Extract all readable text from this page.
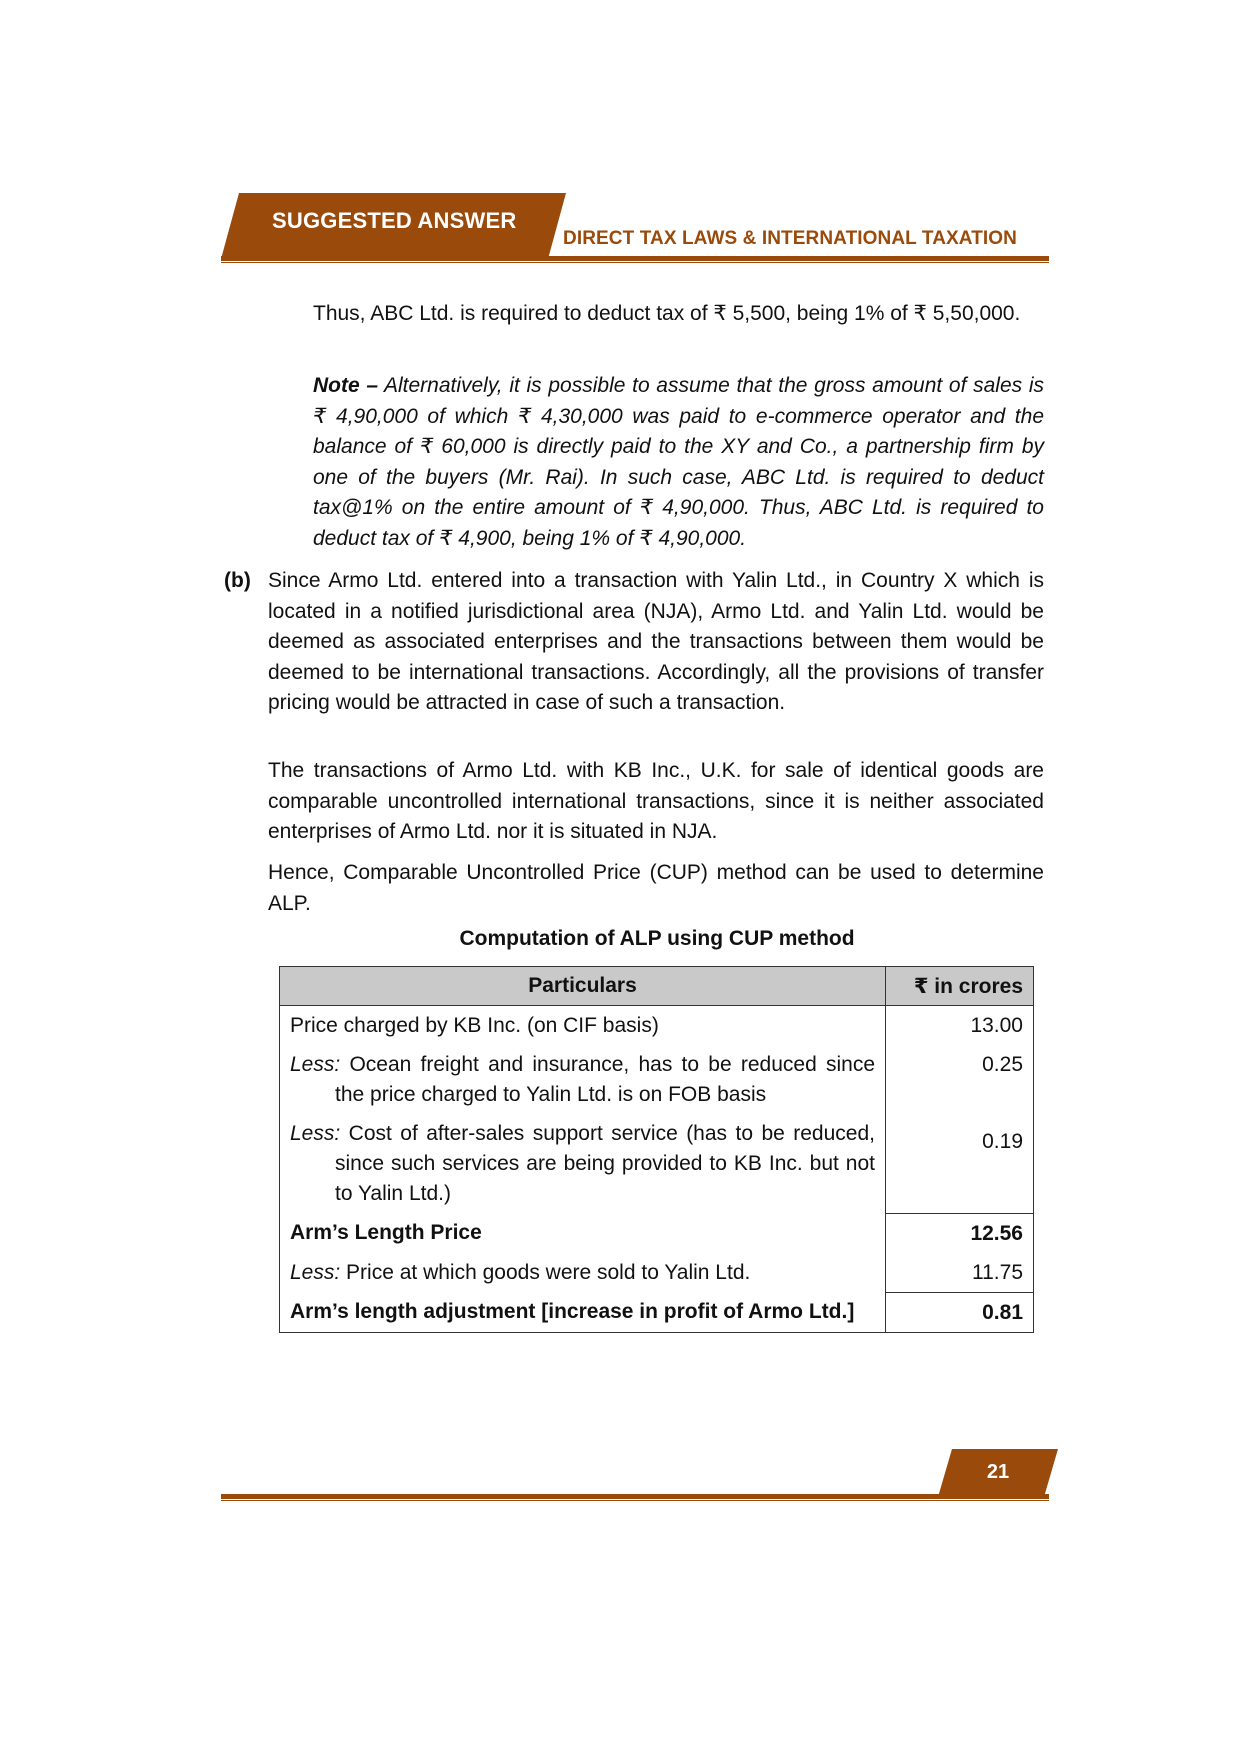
SUGGESTED ANSWER
DIRECT TAX LAWS & INTERNATIONAL TAXATION
Thus, ABC Ltd. is required to deduct tax of ₹ 5,500, being 1% of ₹ 5,50,000.
Note – Alternatively, it is possible to assume that the gross amount of sales is ₹ 4,90,000 of which ₹ 4,30,000 was paid to e-commerce operator and the balance of ₹ 60,000 is directly paid to the XY and Co., a partnership firm by one of the buyers (Mr. Rai). In such case, ABC Ltd. is required to deduct tax@1% on the entire amount of ₹ 4,90,000. Thus, ABC Ltd. is required to deduct tax of ₹ 4,900, being 1% of ₹ 4,90,000.
(b) Since Armo Ltd. entered into a transaction with Yalin Ltd., in Country X which is located in a notified jurisdictional area (NJA), Armo Ltd. and Yalin Ltd. would be deemed as associated enterprises and the transactions between them would be deemed to be international transactions. Accordingly, all the provisions of transfer pricing would be attracted in case of such a transaction.
The transactions of Armo Ltd. with KB Inc., U.K. for sale of identical goods are comparable uncontrolled international transactions, since it is neither associated enterprises of Armo Ltd. nor it is situated in NJA.
Hence, Comparable Uncontrolled Price (CUP) method can be used to determine ALP.
Computation of ALP using CUP method
Particulars	₹ in crores
Price charged by KB Inc. (on CIF basis)	13.00

Less: Ocean freight and insurance, has to be reduced since the price charged to Yalin Ltd. is on FOB basis	0.25

Less: Cost of after-sales support service (has to be reduced, since such services are being provided to KB Inc. but not to Yalin Ltd.)	0.19
Arm’s Length Price	12.56
Less: Price at which goods were sold to Yalin Ltd.	11.75
Arm’s length adjustment [increase in profit of Armo Ltd.]	0.81
21
